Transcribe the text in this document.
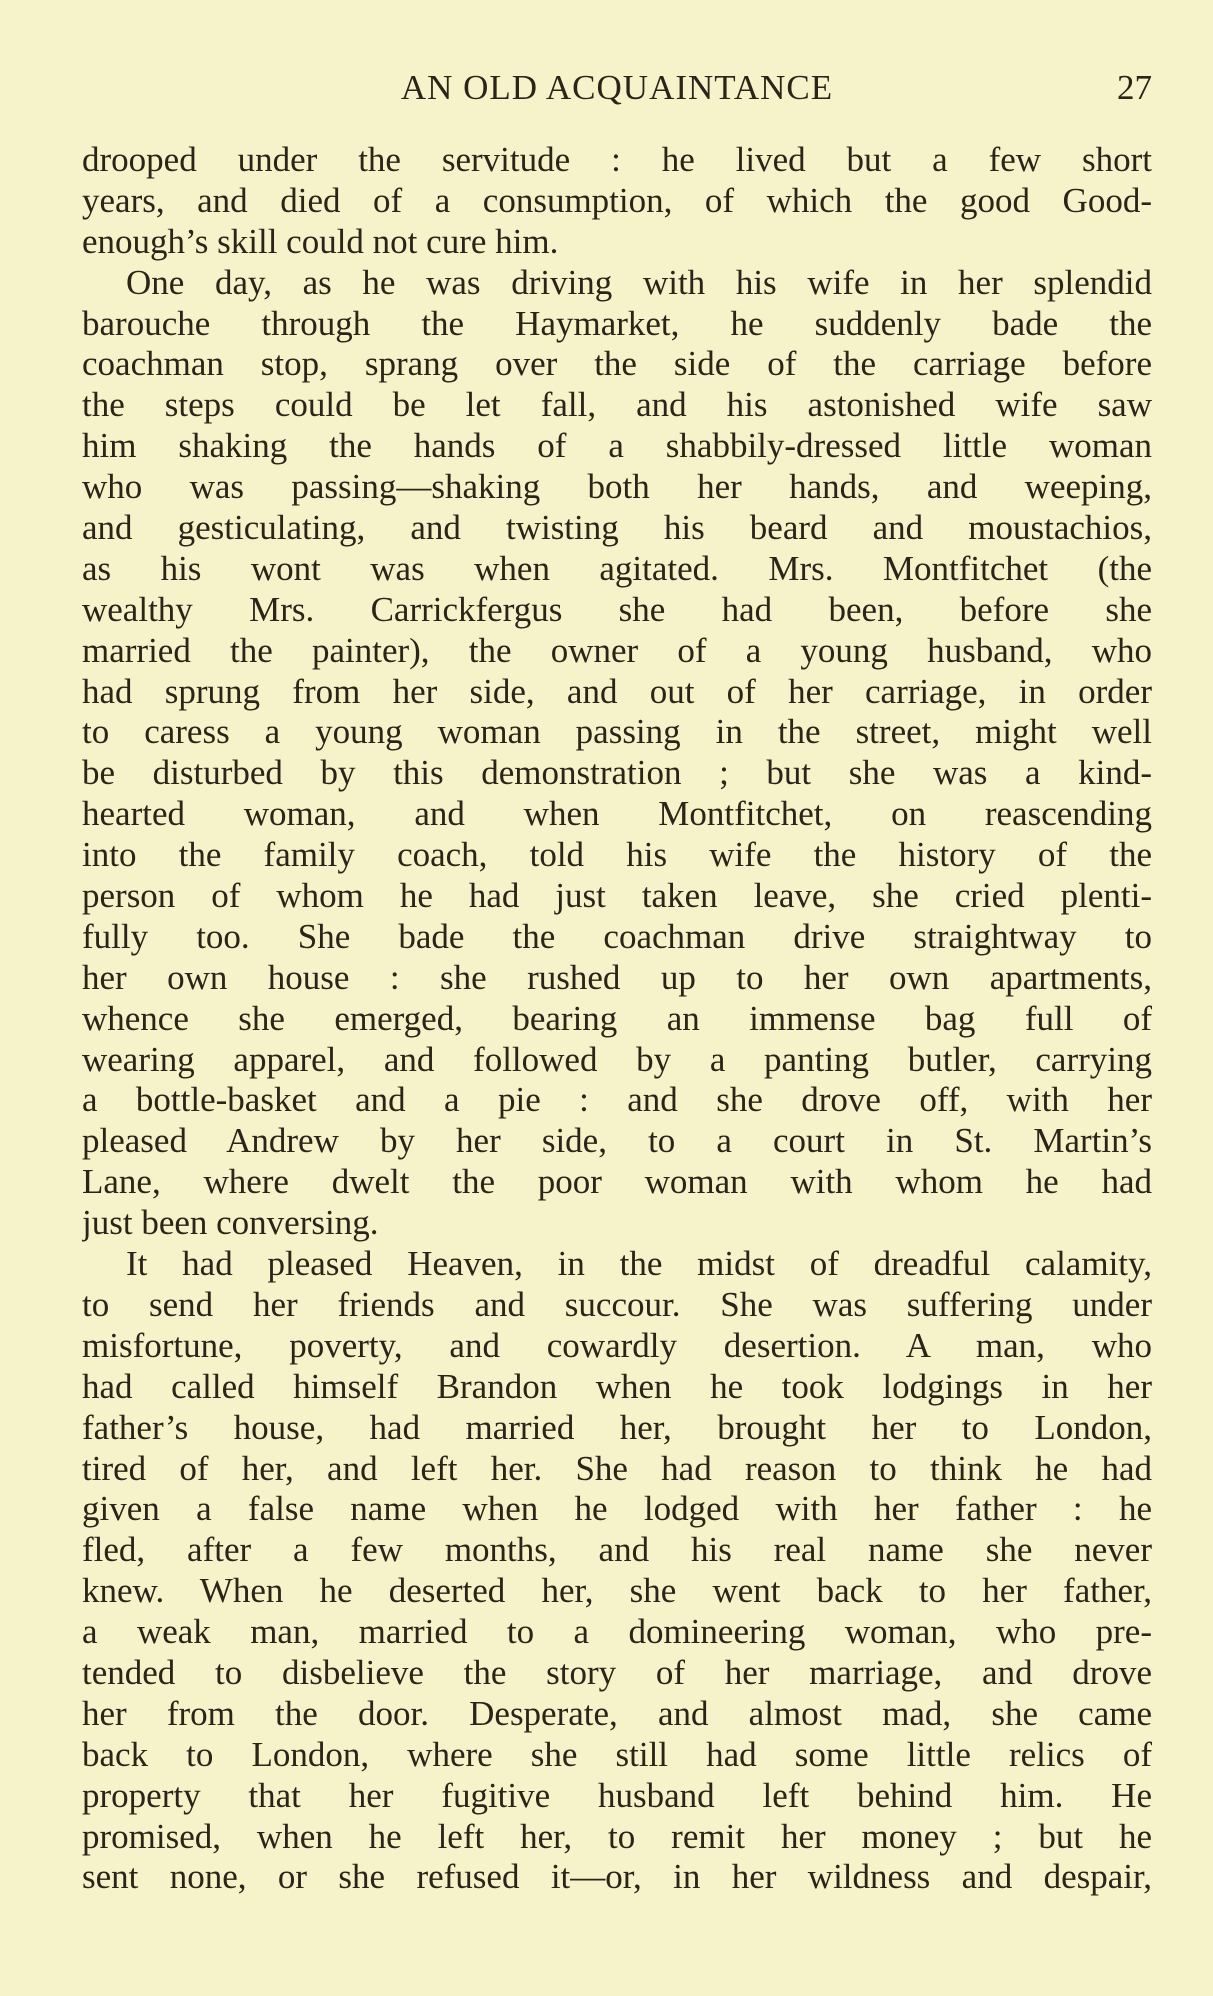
AN OLD ACQUAINTANCE	27
drooped under the servitude : he lived but a few short
years, and died of a consumption, of which the good Good-
enough’s skill could not cure him.
One day, as he was driving with his wife in her splendid
barouche through the Haymarket, he suddenly bade the
coachman stop, sprang over the side of the carriage before
the steps could be let fall, and his astonished wife saw
him shaking the hands of a shabbily-dressed little woman
who was passing—shaking both her hands, and weeping,
and gesticulating, and twisting his beard and moustachios,
as his wont was when agitated. Mrs. Montfitchet (the
wealthy Mrs. Carrickfergus she had been, before she
married the painter), the owner of a young husband, who
had sprung from her side, and out of her carriage, in order
to caress a young woman passing in the street, might well
be disturbed by this demonstration ; but she was a kind-
hearted woman, and when Montfitchet, on reascending
into the family coach, told his wife the history of the
person of whom he had just taken leave, she cried plenti-
fully too. She bade the coachman drive straightway to
her own house : she rushed up to her own apartments,
whence she emerged, bearing an immense bag full of
wearing apparel, and followed by a panting butler, carrying
a bottle-basket and a pie : and she drove off, with her
pleased Andrew by her side, to a court in St. Martin’s
Lane, where dwelt the poor woman with whom he had
just been conversing.
It had pleased Heaven, in the midst of dreadful calamity,
to send her friends and succour. She was suffering under
misfortune, poverty, and cowardly desertion. A man, who
had called himself Brandon when he took lodgings in her
father’s house, had married her, brought her to London,
tired of her, and left her. She had reason to think he had
given a false name when he lodged with her father : he
fled, after a few months, and his real name she never
knew. When he deserted her, she went back to her father,
a weak man, married to a domineering woman, who pre-
tended to disbelieve the story of her marriage, and drove
her from the door. Desperate, and almost mad, she came
back to London, where she still had some little relics of
property that her fugitive husband left behind him. He
promised, when he left her, to remit her money ; but he
sent none, or she refused it—or, in her wildness and despair,
